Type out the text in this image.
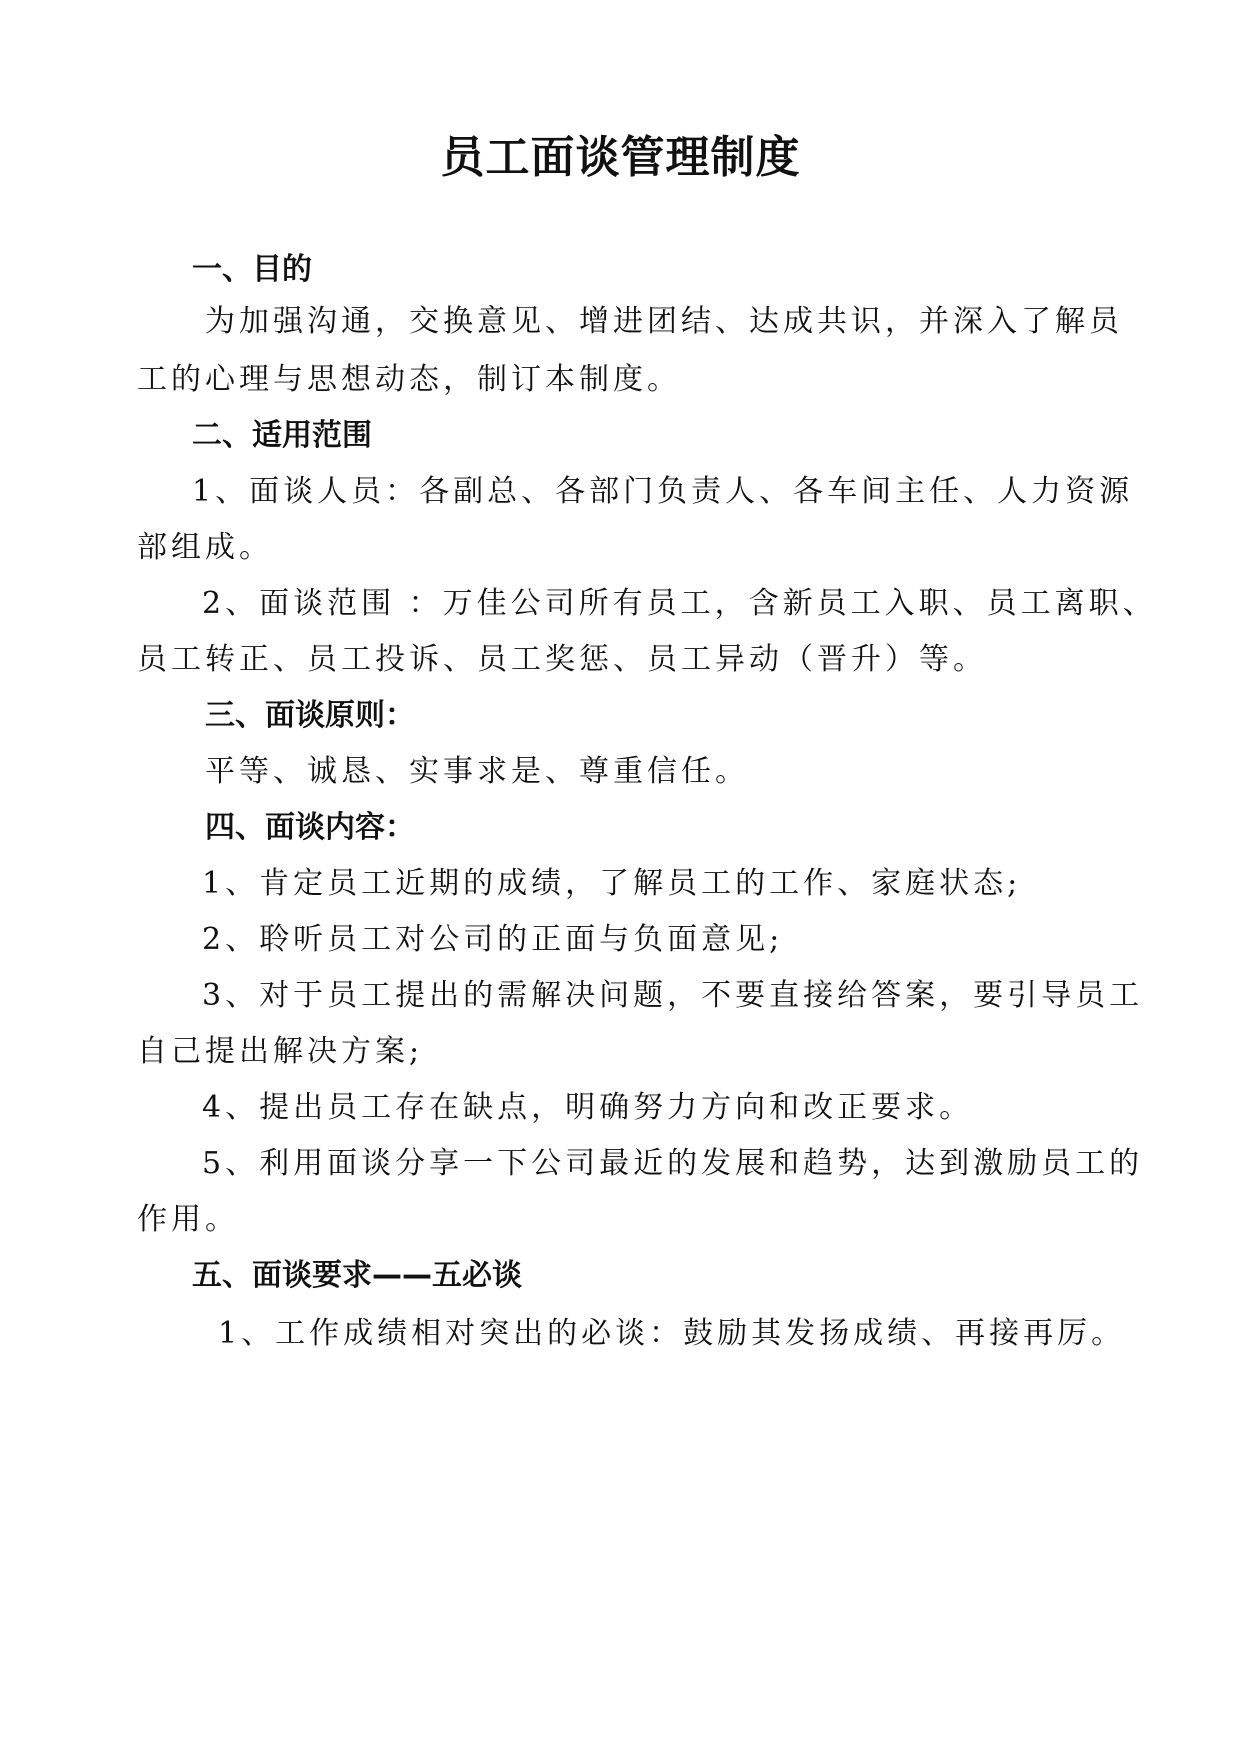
员工面谈管理制度
一、目的
为加强沟通，交换意见、增进团结、达成共识，并深入了解员
工的心理与思想动态，制订本制度。
二、适用范围
1、面谈人员：各副总、各部门负责人、各车间主任、人力资源
部组成。
2、面谈范围 ：万佳公司所有员工，含新员工入职、员工离职、
员工转正、员工投诉、员工奖惩、员工异动（晋升）等。
三、面谈原则：
平等、诚恳、实事求是、尊重信任。
四、面谈内容：
1、肯定员工近期的成绩，了解员工的工作、家庭状态;
2、聆听员工对公司的正面与负面意见;
3、对于员工提出的需解决问题，不要直接给答案，要引导员工
自己提出解决方案;
4、提出员工存在缺点，明确努力方向和改正要求。
5、利用面谈分享一下公司最近的发展和趋势，达到激励员工的
作用。
五、面谈要求——五必谈
1、工作成绩相对突出的必谈：鼓励其发扬成绩、再接再厉。
